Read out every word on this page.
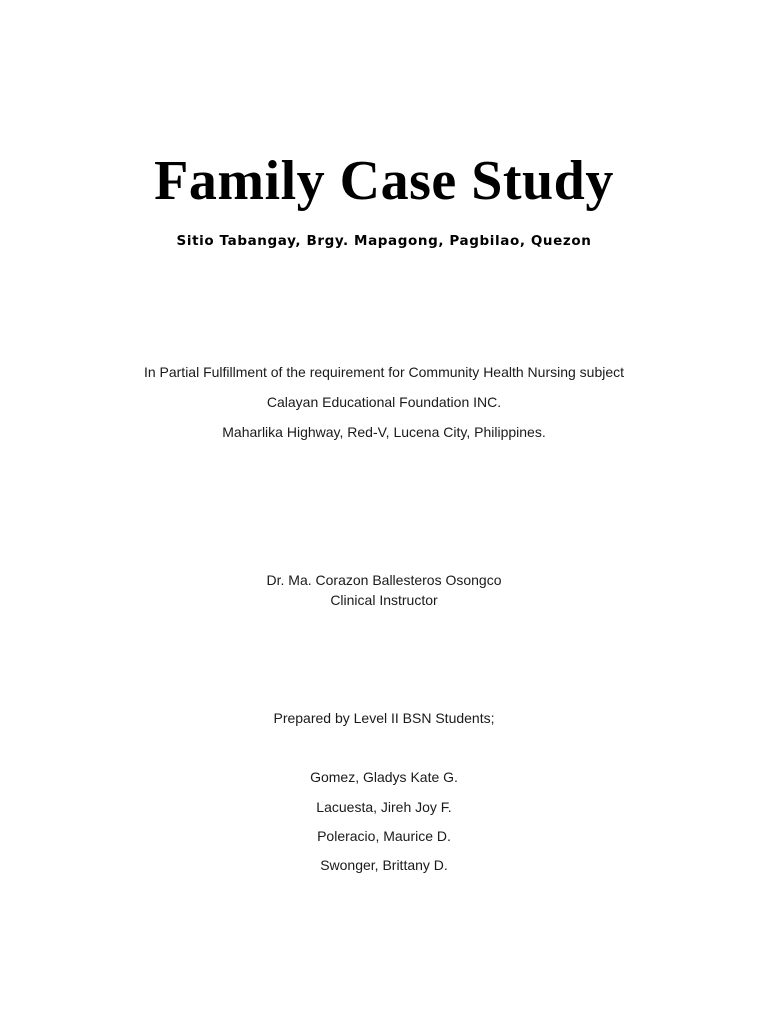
Family Case Study
Sitio Tabangay, Brgy. Mapagong, Pagbilao, Quezon
In Partial Fulfillment of the requirement for Community Health Nursing subject
Calayan Educational Foundation INC.
Maharlika Highway, Red-V, Lucena City, Philippines.
Dr. Ma. Corazon Ballesteros Osongco
Clinical Instructor
Prepared by Level II BSN Students;
Gomez, Gladys Kate G.
Lacuesta, Jireh Joy F.
Poleracio, Maurice D.
Swonger, Brittany D.
